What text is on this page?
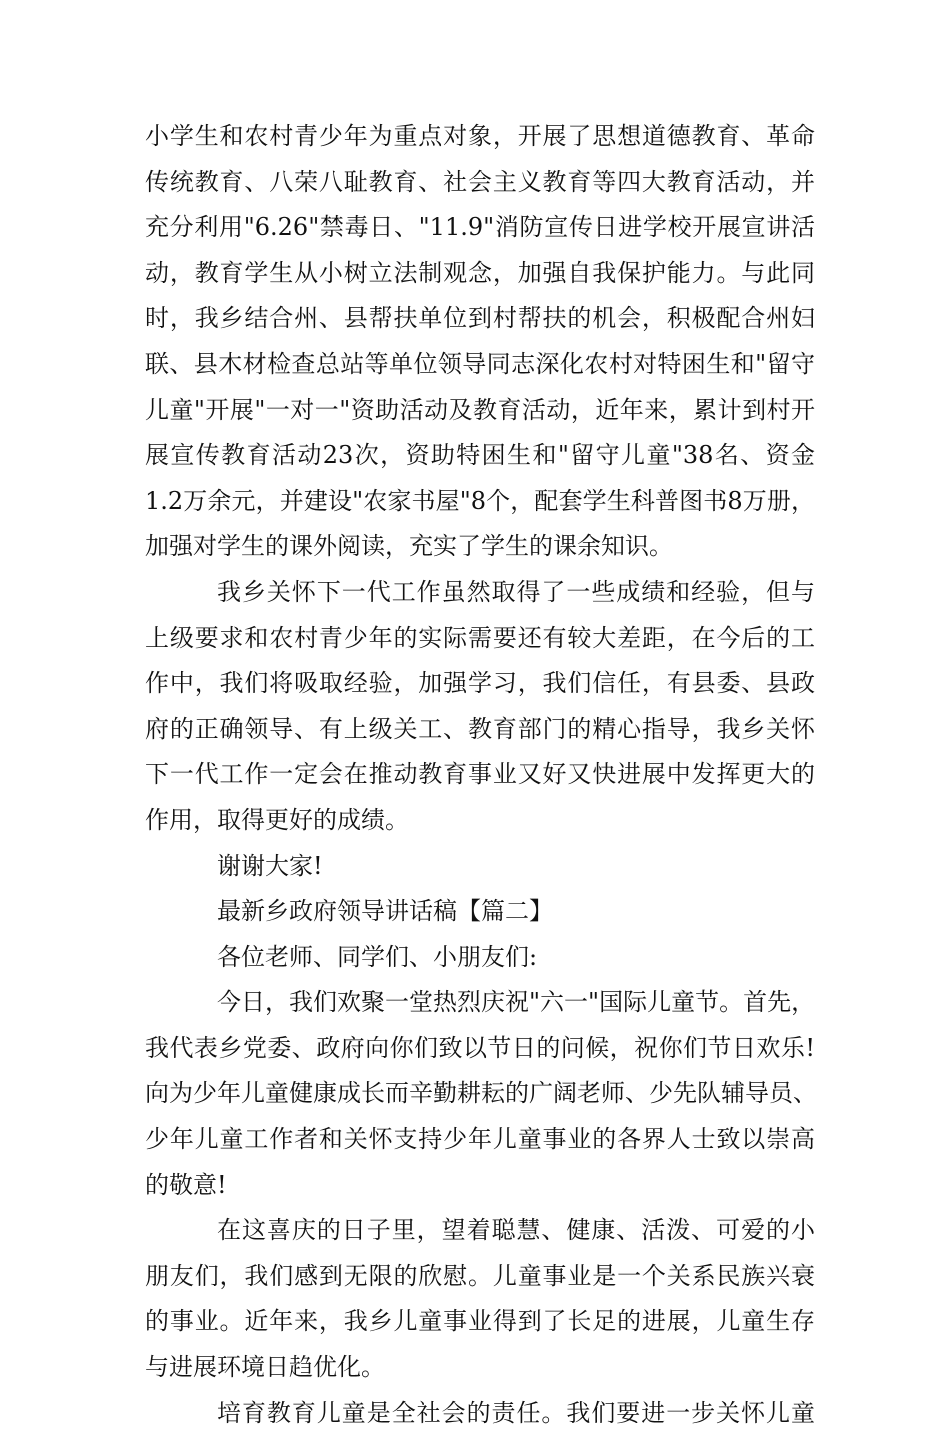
小学生和农村青少年为重点对象，开展了思想道德教育、革命
传统教育、八荣八耻教育、社会主义教育等四大教育活动，并
充分利用"6.26"禁毒日、"11.9"消防宣传日进学校开展宣讲活
动，教育学生从小树立法制观念，加强自我保护能力。与此同
时，我乡结合州、县帮扶单位到村帮扶的机会，积极配合州妇
联、县木材检查总站等单位领导同志深化农村对特困生和"留守
儿童"开展"一对一"资助活动及教育活动，近年来，累计到村开
展宣传教育活动23次，资助特困生和"留守儿童"38名、资金
1.2万余元，并建设"农家书屋"8个，配套学生科普图书8万册，
加强对学生的课外阅读，充实了学生的课余知识。
我乡关怀下一代工作虽然取得了一些成绩和经验，但与
上级要求和农村青少年的实际需要还有较大差距，在今后的工
作中，我们将吸取经验，加强学习，我们信任，有县委、县政
府的正确领导、有上级关工、教育部门的精心指导，我乡关怀
下一代工作一定会在推动教育事业又好又快进展中发挥更大的
作用，取得更好的成绩。
谢谢大家!
最新乡政府领导讲话稿【篇二】
各位老师、同学们、小朋友们:
今日，我们欢聚一堂热烈庆祝"六一"国际儿童节。首先，
我代表乡党委、政府向你们致以节日的问候，祝你们节日欢乐!
向为少年儿童健康成长而辛勤耕耘的广阔老师、少先队辅导员、
少年儿童工作者和关怀支持少年儿童事业的各界人士致以崇高
的敬意!
在这喜庆的日子里，望着聪慧、健康、活泼、可爱的小
朋友们，我们感到无限的欣慰。儿童事业是一个关系民族兴衰
的事业。近年来，我乡儿童事业得到了长足的进展，儿童生存
与进展环境日趋优化。
培育教育儿童是全社会的责任。我们要进一步关怀儿童
